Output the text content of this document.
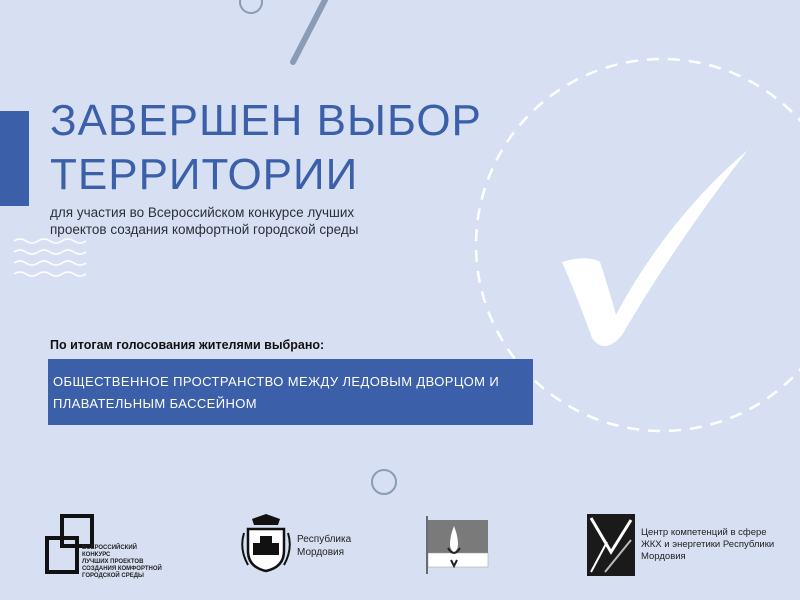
ЗАВЕРШЕН ВЫБОР
ТЕРРИТОРИИ
для участия во Всероссийском конкурсе лучших проектов создания комфортной городской среды
По итогам голосования жителями выбрано:
ОБЩЕСТВЕННОЕ ПРОСТРАНСТВО МЕЖДУ ЛЕДОВЫМ ДВОРЦОМ И ПЛАВАТЕЛЬНЫМ БАССЕЙНОМ
ВСЕРОССИЙСКИЙ КОНКУРС
ЛУЧШИХ ПРОЕКТОВ
СОЗДАНИЯ КОМФОРТНОЙ
ГОРОДСКОЙ СРЕДЫ
Республика Мордовия
Центр компетенций в сфере ЖКХ и энергетики Республики Мордовия
